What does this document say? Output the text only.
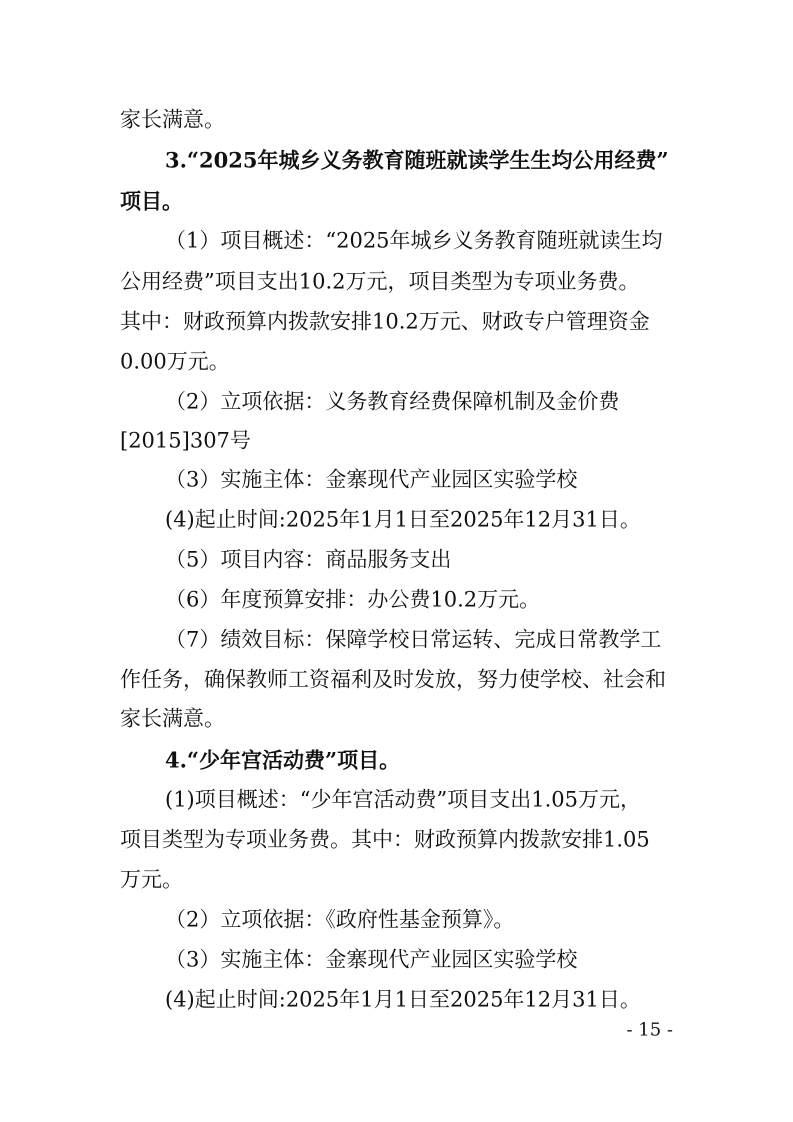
家长满意。
3.“2025年城乡义务教育随班就读学生生均公用经费”
项目。
（1）项目概述：“2025年城乡义务教育随班就读生均
公用经费”项目支出10.2万元，项目类型为专项业务费。
其中：财政预算内拨款安排10.2万元、财政专户管理资金
0.00万元。
（2）立项依据：义务教育经费保障机制及金价费
[2015]307号
（3）实施主体：金寨现代产业园区实验学校
(4)起止时间:2025年1月1日至2025年12月31日。
（5）项目内容：商品服务支出
（6）年度预算安排：办公费10.2万元。
（7）绩效目标：保障学校日常运转、完成日常教学工
作任务，确保教师工资福利及时发放，努力使学校、社会和
家长满意。
4.“少年宫活动费”项目。
(1)项目概述：“少年宫活动费”项目支出1.05万元，
项目类型为专项业务费。其中：财政预算内拨款安排1.05
万元。
（2）立项依据：《政府性基金预算》。
（3）实施主体：金寨现代产业园区实验学校
(4)起止时间:2025年1月1日至2025年12月31日。
- 15 -
